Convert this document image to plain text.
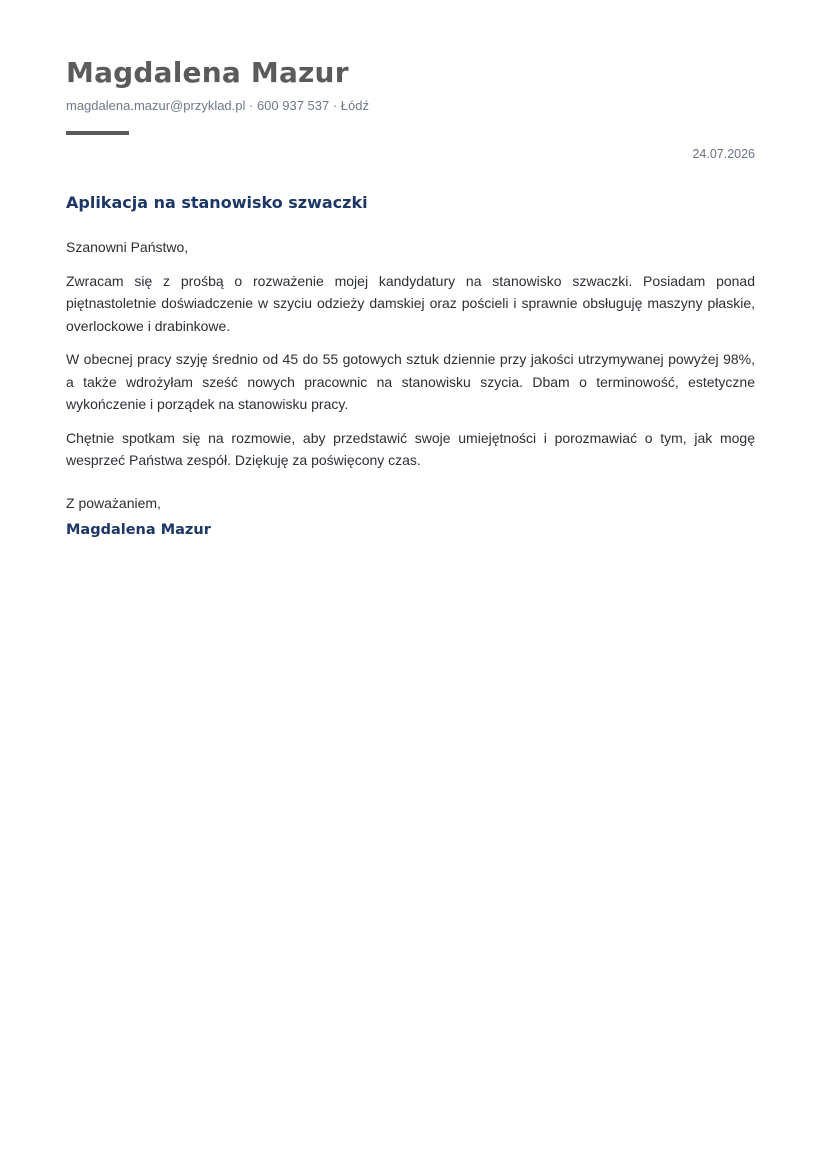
Magdalena Mazur
magdalena.mazur@przyklad.pl · 600 937 537 · Łódź
24.07.2026
Aplikacja na stanowisko szwaczki

Szanowni Państwo,

Zwracam się z prośbą o rozważenie mojej kandydatury na stanowisko szwaczki. Posiadam ponad piętnastoletnie doświadczenie w szyciu odzieży damskiej oraz pościeli i sprawnie obsługuję maszyny płaskie, overlockowe i drabinkowe.

W obecnej pracy szyję średnio od 45 do 55 gotowych sztuk dziennie przy jakości utrzymywanej powyżej 98%, a także wdrożyłam sześć nowych pracownic na stanowisku szycia. Dbam o terminowość, estetyczne wykończenie i porządek na stanowisku pracy.

Chętnie spotkam się na rozmowie, aby przedstawić swoje umiejętności i porozmawiać o tym, jak mogę wesprzeć Państwa zespół. Dziękuję za poświęcony czas.

Z poważaniem,
Magdalena Mazur
